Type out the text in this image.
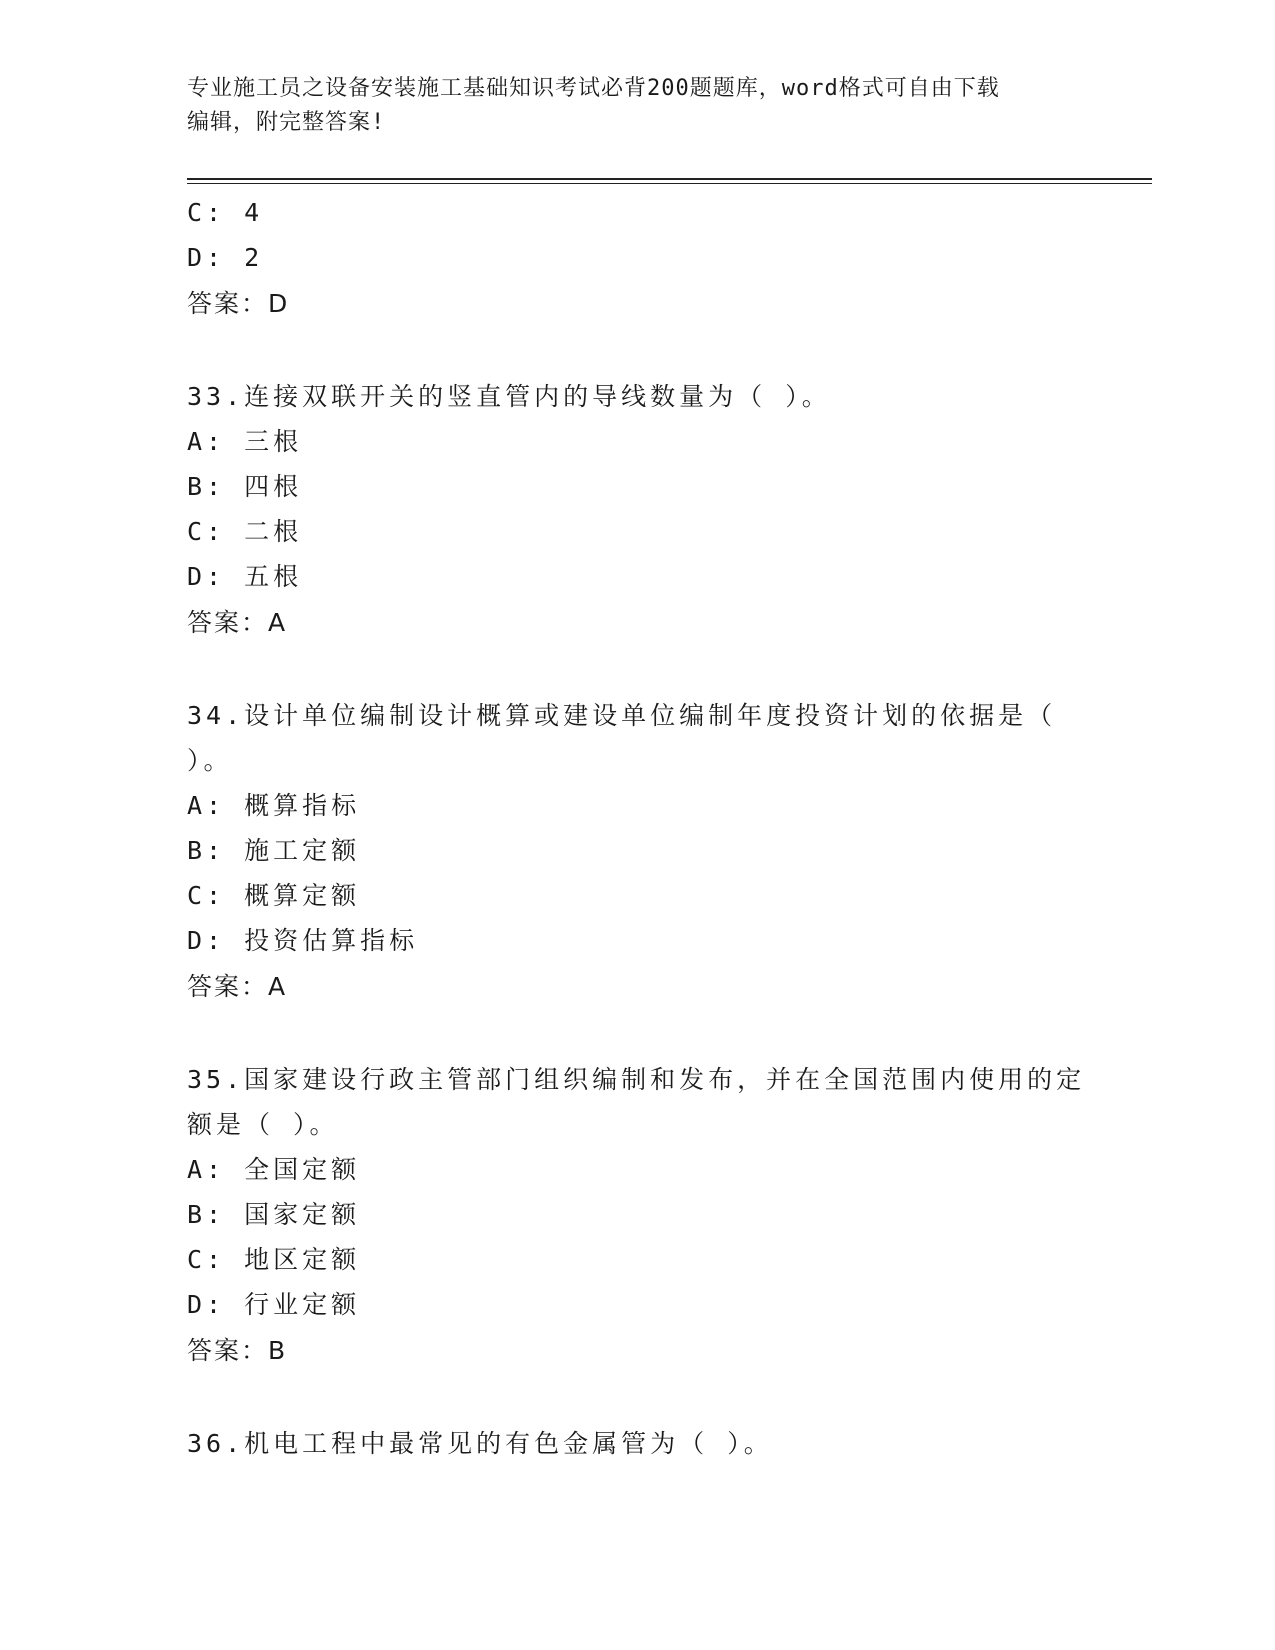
专业施工员之设备安装施工基础知识考试必背200题题库，word格式可自由下载
编辑，附完整答案!
C: 4
D: 2
答案：D
33.连接双联开关的竖直管内的导线数量为（ ）。
A: 三根
B: 四根
C: 二根
D: 五根
答案：A
34.设计单位编制设计概算或建设单位编制年度投资计划的依据是（
）。
A: 概算指标
B: 施工定额
C: 概算定额
D: 投资估算指标
答案：A
35.国家建设行政主管部门组织编制和发布，并在全国范围内使用的定
额是（ ）。
A: 全国定额
B: 国家定额
C: 地区定额
D: 行业定额
答案：B
36.机电工程中最常见的有色金属管为（ ）。
